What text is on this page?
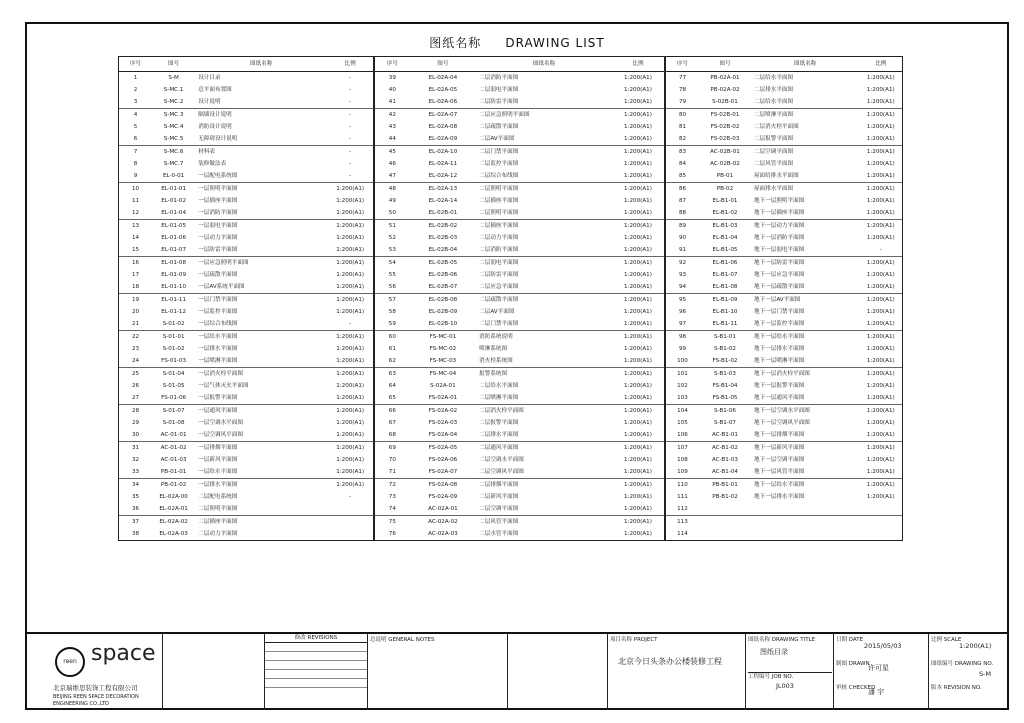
图纸名称 DRAWING LIST
序号	图号	图纸名称	比例
1	S-M	设计目录	-
2	S-MC.1	总平面布置图	-
3	S-MC.2	设计说明	-
4	S-MC.3	隔墙设计说明	-
5	S-MC.4	消防设计说明	-
6	S-MC.5	无障碍设计说明	-
7	S-MC.6	材料表	-
8	S-MC.7	装修做法表	-
9	EL-0-01	一层配电系统图	-
10	EL-01-01	一层照明平面图	1:200(A1)
11	EL-01-02	一层插座平面图	1:200(A1)
12	EL-01-04	一层消防平面图	1:200(A1)
13	EL-01-05	一层弱电平面图	1:200(A1)
14	EL-01-06	一层动力平面图	1:200(A1)
15	EL-01-07	一层防雷平面图	1:200(A1)
16	EL-01-08	一层应急照明平面图	1:200(A1)
17	EL-01-09	一层疏散平面图	1:200(A1)
18	EL-01-10	一层AV系统平面图	1:200(A1)
19	EL-01-11	一层门禁平面图	1:200(A1)
20	EL-01-12	一层监控平面图	1:200(A1)
21	S-01-02	一层综合布线图	-
22	S-01-01	一层给水平面图	1:200(A1)
23	S-01-02	一层排水平面图	1:200(A1)
24	FS-01-03	一层喷淋平面图	1:200(A1)
25	S-01-04	一层消火栓平面图	1:200(A1)
26	S-01-05	一层气体灭火平面图	1:200(A1)
27	FS-01-06	一层报警平面图	1:200(A1)
28	S-01-07	一层通风平面图	1:200(A1)
29	S-01-08	一层空调水平面图	1:200(A1)
30	AC-01-01	一层空调风平面图	1:200(A1)
31	AC-01-02	一层排烟平面图	1:200(A1)
32	AC-01-03	一层新风平面图	1:200(A1)
33	PB-01-01	一层给水平面图	1:200(A1)
34	PB-01-02	一层排水平面图	1:200(A1)
35	EL-02A-00	二层配电系统图	-
36	EL-02A-01	二层照明平面图	
37	EL-02A-02	二层插座平面图	
38	EL-02A-03	二层动力平面图	
序号	图号	图纸名称	比例
39	EL-02A-04	二层消防平面图	1:200(A1)
40	EL-02A-05	二层弱电平面图	1:200(A1)
41	EL-02A-06	二层防雷平面图	1:200(A1)
42	EL-02A-07	二层应急照明平面图	1:200(A1)
43	EL-02A-08	二层疏散平面图	1:200(A1)
44	EL-02A-09	二层AV平面图	1:200(A1)
45	EL-02A-10	二层门禁平面图	1:200(A1)
46	EL-02A-11	二层监控平面图	1:200(A1)
47	EL-02A-12	二层综合布线图	1:200(A1)
48	EL-02A-13	二层照明平面图	1:200(A1)
49	EL-02A-14	二层插座平面图	1:200(A1)
50	EL-02B-01	二层照明平面图	1:200(A1)
51	EL-02B-02	二层插座平面图	1:200(A1)
52	EL-02B-03	二层动力平面图	1:200(A1)
53	EL-02B-04	二层消防平面图	1:200(A1)
54	EL-02B-05	二层弱电平面图	1:200(A1)
55	EL-02B-06	二层防雷平面图	1:200(A1)
56	EL-02B-07	二层应急平面图	1:200(A1)
57	EL-02B-08	二层疏散平面图	1:200(A1)
58	EL-02B-09	二层AV平面图	1:200(A1)
59	EL-02B-10	二层门禁平面图	1:200(A1)
60	FS-MC-01	消防系统说明	1:200(A1)
61	FS-MC-02	喷淋系统图	1:200(A1)
62	FS-MC-03	消火栓系统图	1:200(A1)
63	FS-MC-04	报警系统图	1:200(A1)
64	S-02A-01	二层给水平面图	1:200(A1)
65	FS-02A-01	二层喷淋平面图	1:200(A1)
66	FS-02A-02	二层消火栓平面图	1:200(A1)
67	FS-02A-03	二层报警平面图	1:200(A1)
68	FS-02A-04	二层排水平面图	1:200(A1)
69	FS-02A-05	二层通风平面图	1:200(A1)
70	FS-02A-06	二层空调水平面图	1:200(A1)
71	FS-02A-07	二层空调风平面图	1:200(A1)
72	FS-02A-08	二层排烟平面图	1:200(A1)
73	FS-02A-09	二层新风平面图	1:200(A1)
74	AC-02A-01	二层空调平面图	1:200(A1)
75	AC-02A-02	二层风管平面图	1:200(A1)
76	AC-02A-03	二层水管平面图	1:200(A1)
序号	图号	图纸名称	比例
77	PB-02A-01	二层给水平面图	1:200(A1)
78	PB-02A-02	二层排水平面图	1:200(A1)
79	S-02B-01	二层给水平面图	1:200(A1)
80	FS-02B-01	二层喷淋平面图	1:200(A1)
81	FS-02B-02	二层消火栓平面图	1:200(A1)
82	FS-02B-03	二层报警平面图	1:200(A1)
83	AC-02B-01	二层空调平面图	1:200(A1)
84	AC-02B-02	二层风管平面图	1:200(A1)
85	PB-01	屋面给排水平面图	1:200(A1)
86	PB-02	屋面排水平面图	1:200(A1)
87	EL-B1-01	地下一层照明平面图	1:200(A1)
88	EL-B1-02	地下一层插座平面图	1:200(A1)
89	EL-B1-03	地下一层动力平面图	1:200(A1)
90	EL-B1-04	地下一层消防平面图	1:200(A1)
91	EL-B1-05	地下一层弱电平面图	-
92	EL-B1-06	地下一层防雷平面图	1:200(A1)
93	EL-B1-07	地下一层应急平面图	1:200(A1)
94	EL-B1-08	地下一层疏散平面图	1:200(A1)
95	EL-B1-09	地下一层AV平面图	1:200(A1)
96	EL-B1-10	地下一层门禁平面图	1:200(A1)
97	EL-B1-11	地下一层监控平面图	1:200(A1)
98	S-B1-01	地下一层给水平面图	1:200(A1)
99	S-B1-02	地下一层排水平面图	1:200(A1)
100	FS-B1-02	地下一层喷淋平面图	1:200(A1)
101	S-B1-03	地下一层消火栓平面图	1:200(A1)
102	FS-B1-04	地下一层报警平面图	1:200(A1)
103	FS-B1-05	地下一层通风平面图	1:200(A1)
104	S-B1-06	地下一层空调水平面图	1:200(A1)
105	S-B1-07	地下一层空调风平面图	1:200(A1)
106	AC-B1-01	地下一层排烟平面图	1:200(A1)
107	AC-B1-02	地下一层新风平面图	1:200(A1)
108	AC-B1-03	地下一层空调平面图	1:200(A1)
109	AC-B1-04	地下一层风管平面图	1:200(A1)
110	PB-B1-01	地下一层给水平面图	1:200(A1)
111	PB-B1-02	地下一层排水平面图	1:200(A1)
112			
113			
114			
reen space
北京瑞维思装饰工程有限公司
BEIJING REEN SPACE DECORATION ENGINEERING CO.,LTD
修改 REVISIONS	总说明 GENERAL NOTES	项目名称 PROJECT
北京今日头条办公楼装修工程
图纸名称 DRAWING TITLE
图纸目录
工程编号 JOB NO.
JL003
日期 DATE
2015/05/03
制图 DRAWN
许可星
审核 CHECKED
潘 宇
比例 SCALE
1:200(A1)
图纸编号 DRAWING NO.
S-M
版本 REVISION NO.
